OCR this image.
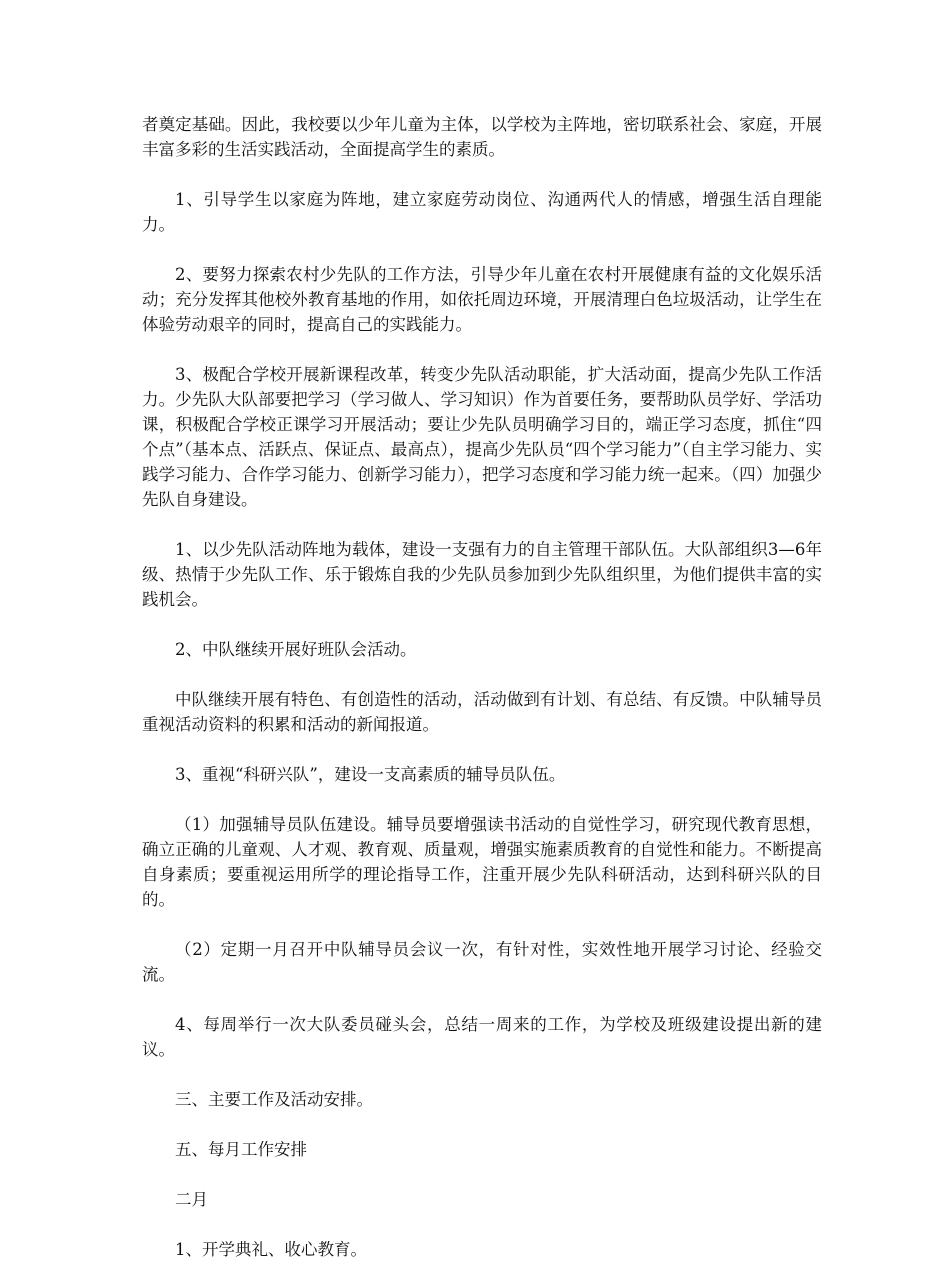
者奠定基础。因此，我校要以少年儿童为主体，以学校为主阵地，密切联系社会、家庭，开展丰富多彩的生活实践活动，全面提高学生的素质。

1、引导学生以家庭为阵地，建立家庭劳动岗位、沟通两代人的情感，增强生活自理能力。

2、要努力探索农村少先队的工作方法，引导少年儿童在农村开展健康有益的文化娱乐活动；充分发挥其他校外教育基地的作用，如依托周边环境，开展清理白色垃圾活动，让学生在体验劳动艰辛的同时，提高自己的实践能力。

3、极配合学校开展新课程改革，转变少先队活动职能，扩大活动面，提高少先队工作活力。少先队大队部要把学习（学习做人、学习知识）作为首要任务，要帮助队员学好、学活功课，积极配合学校正课学习开展活动；要让少先队员明确学习目的，端正学习态度，抓住“四个点”（基本点、活跃点、保证点、最高点），提高少先队员“四个学习能力”（自主学习能力、实践学习能力、合作学习能力、创新学习能力），把学习态度和学习能力统一起来。（四）加强少先队自身建设。

1、以少先队活动阵地为载体，建设一支强有力的自主管理干部队伍。大队部组织3—6年级、热情于少先队工作、乐于锻炼自我的少先队员参加到少先队组织里，为他们提供丰富的实践机会。

2、中队继续开展好班队会活动。

中队继续开展有特色、有创造性的活动，活动做到有计划、有总结、有反馈。中队辅导员重视活动资料的积累和活动的新闻报道。

3、重视“科研兴队”，建设一支高素质的辅导员队伍。

（1）加强辅导员队伍建设。辅导员要增强读书活动的自觉性学习，研究现代教育思想，确立正确的儿童观、人才观、教育观、质量观，增强实施素质教育的自觉性和能力。不断提高自身素质；要重视运用所学的理论指导工作，注重开展少先队科研活动，达到科研兴队的目的。

（2）定期一月召开中队辅导员会议一次，有针对性，实效性地开展学习讨论、经验交流。

4、每周举行一次大队委员碰头会，总结一周来的工作，为学校及班级建设提出新的建议。

三、主要工作及活动安排。

五、每月工作安排

二月

1、开学典礼、收心教育。
